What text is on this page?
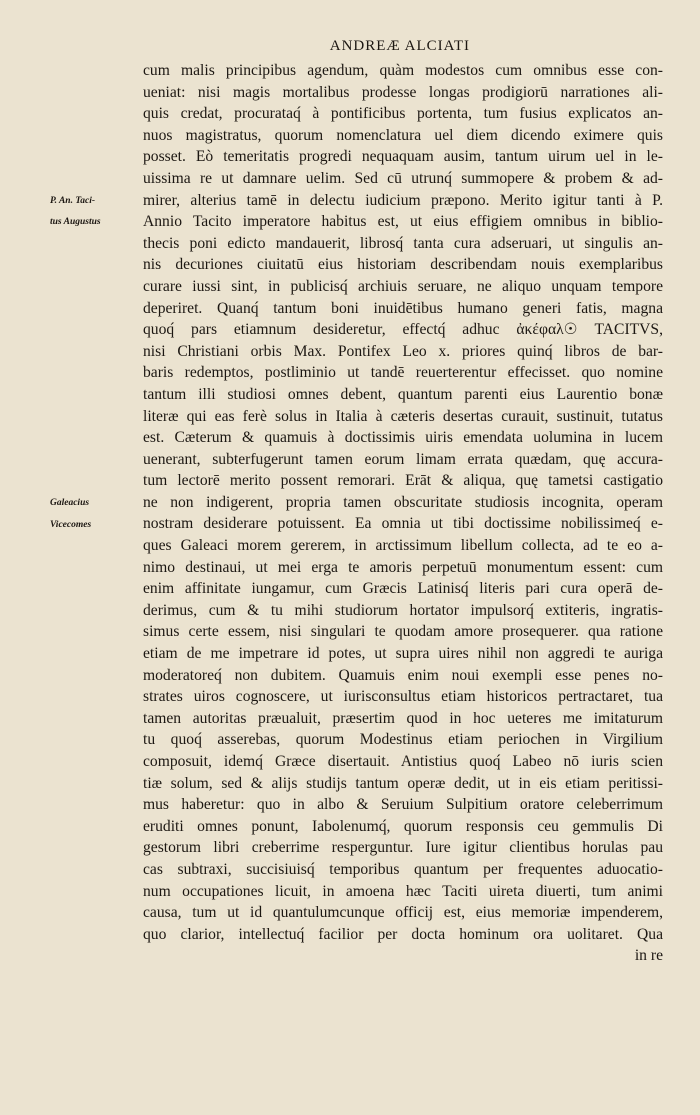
ANDREÆ ALCIATI
P. An. Taci-
tus Augustus
Galeacius
Vicecomes
cum malis principibus agendum, quàm modestos cum omnibus esse con-
ueniat: nisi magis mortalibus prodesse longas prodigiorū narrationes ali-
quis credat, procurataq́ à pontificibus portenta, tum fusius explicatos an-
nuos magistratus, quorum nomenclatura uel diem dicendo eximere quis
posset. Eò temeritatis progredi nequaquam ausim, tantum uirum uel in le-
uissima re ut damnare uelim. Sed cū utrunq́ summopere & probem & ad-
mirer, alterius tamē in delectu iudicium præpono. Merito igitur tanti à P.
Annio Tacito imperatore habitus est, ut eius effigiem omnibus in biblio-
thecis poni edicto mandauerit, librosq́ tanta cura adseruari, ut singulis an-
nis decuriones ciuitatū eius historiam describendam nouis exemplaribus
curare iussi sint, in publicisq́ archiuis seruare, ne aliquo unquam tempore
deperiret. Quanq́ tantum boni inuidētibus humano generi fatis, magna
quoq́ pars etiamnum desideretur, effectq́ adhuc ἀκέφαλ☉ TACITVS,
nisi Christiani orbis Max. Pontifex Leo x. priores quinq́ libros de bar-
baris redemptos, postliminio ut tandē reuerterentur effecisset. quo nomine
tantum illi studiosi omnes debent, quantum parenti eius Laurentio bonæ
literæ qui eas ferè solus in Italia à cæteris desertas curauit, sustinuit, tutatus
est. Cæterum & quamuis à doctissimis uiris emendata uolumina in lucem
uenerant, subterfugerunt tamen eorum limam errata quædam, quę accura-
tum lectorē merito possent remorari. Erāt & aliqua, quę tametsi castigatio
ne non indigerent, propria tamen obscuritate studiosis incognita, operam
nostram desiderare potuissent. Ea omnia ut tibi doctissime nobilissimeq́ e-
ques Galeaci morem gererem, in arctissimum libellum collecta, ad te eo a-
nimo destinaui, ut mei erga te amoris perpetuū monumentum essent: cum
enim affinitate iungamur, cum Græcis Latinisq́ literis pari cura operā de-
derimus, cum & tu mihi studiorum hortator impulsorq́ extiteris, ingratis-
simus certe essem, nisi singulari te quodam amore prosequerer. qua ratione
etiam de me impetrare id potes, ut supra uires nihil non aggredi te auriga
moderatoreq́ non dubitem. Quamuis enim noui exempli esse penes no-
strates uiros cognoscere, ut iurisconsultus etiam historicos pertractaret, tua
tamen autoritas præualuit, præsertim quod in hoc ueteres me imitaturum
tu quoq́ asserebas, quorum Modestinus etiam periochen in Virgilium
composuit, idemq́ Græce disertauit. Antistius quoq́ Labeo nō iuris scien
tiæ solum, sed & alijs studijs tantum operæ dedit, ut in eis etiam peritissi-
mus haberetur: quo in albo & Seruium Sulpitium oratore celeberrimum
eruditi omnes ponunt, Iabolenumq́, quorum responsis ceu gemmulis Di
gestorum libri creberrime resperguntur. Iure igitur clientibus horulas pau
cas subtraxi, succisiuisq́ temporibus quantum per frequentes aduocatio-
num occupationes licuit, in amoena hæc Taciti uireta diuerti, tum animi
causa, tum ut id quantulumcunque officij est, eius memoriæ impenderem,
quo clarior, intellectuq́ facilior per docta hominum ora uolitaret. Qua
in re
